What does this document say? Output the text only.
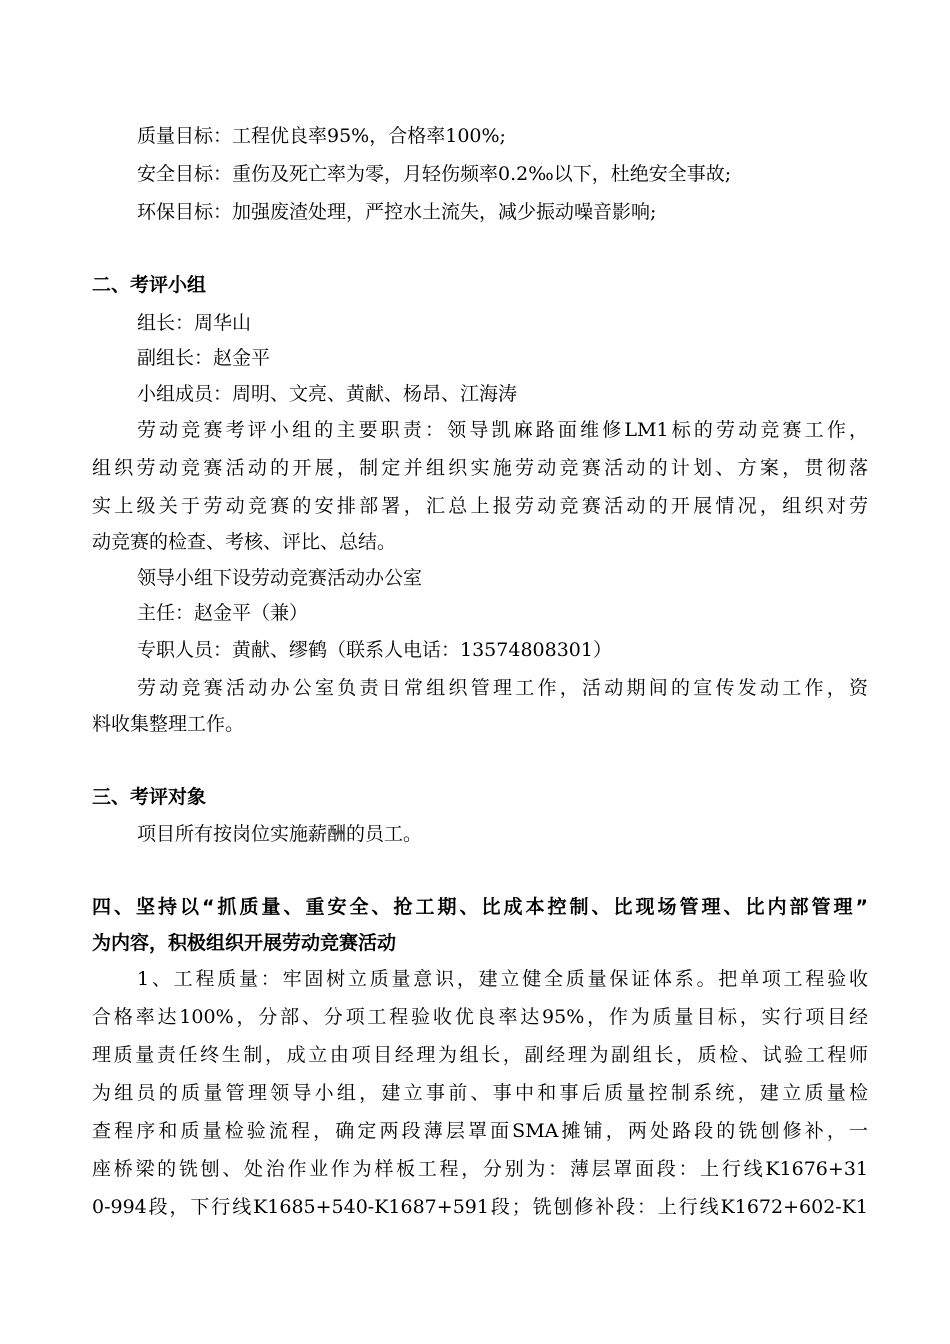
质量目标：工程优良率95%，合格率100%;
安全目标：重伤及死亡率为零，月轻伤频率0.2‰以下，杜绝安全事故;
环保目标：加强废渣处理，严控水土流失，减少振动噪音影响;
二、考评小组
组长：周华山
副组长：赵金平
小组成员：周明、文亮、黄献、杨昂、江海涛
劳动竞赛考评小组的主要职责：领导凯麻路面维修LM1标的劳动竞赛工作，
组织劳动竞赛活动的开展，制定并组织实施劳动竞赛活动的计划、方案，贯彻落
实上级关于劳动竞赛的安排部署，汇总上报劳动竞赛活动的开展情况，组织对劳
动竞赛的检查、考核、评比、总结。
领导小组下设劳动竞赛活动办公室
主任：赵金平（兼）
专职人员：黄献、缪鹤（联系人电话：13574808301）
劳动竞赛活动办公室负责日常组织管理工作，活动期间的宣传发动工作，资
料收集整理工作。
三、考评对象
项目所有按岗位实施薪酬的员工。
四、坚持以“抓质量、重安全、抢工期、比成本控制、比现场管理、比内部管理”
为内容，积极组织开展劳动竞赛活动
1、工程质量：牢固树立质量意识，建立健全质量保证体系。把单项工程验收
合格率达100%，分部、分项工程验收优良率达95%，作为质量目标，实行项目经
理质量责任终生制，成立由项目经理为组长，副经理为副组长，质检、试验工程师
为组员的质量管理领导小组，建立事前、事中和事后质量控制系统，建立质量检
查程序和质量检验流程，确定两段薄层罩面SMA摊铺，两处路段的铣刨修补，一
座桥梁的铣刨、处治作业作为样板工程，分别为：薄层罩面段：上行线K1676+31
0-994段，下行线K1685+540-K1687+591段；铣刨修补段：上行线K1672+602-K1
